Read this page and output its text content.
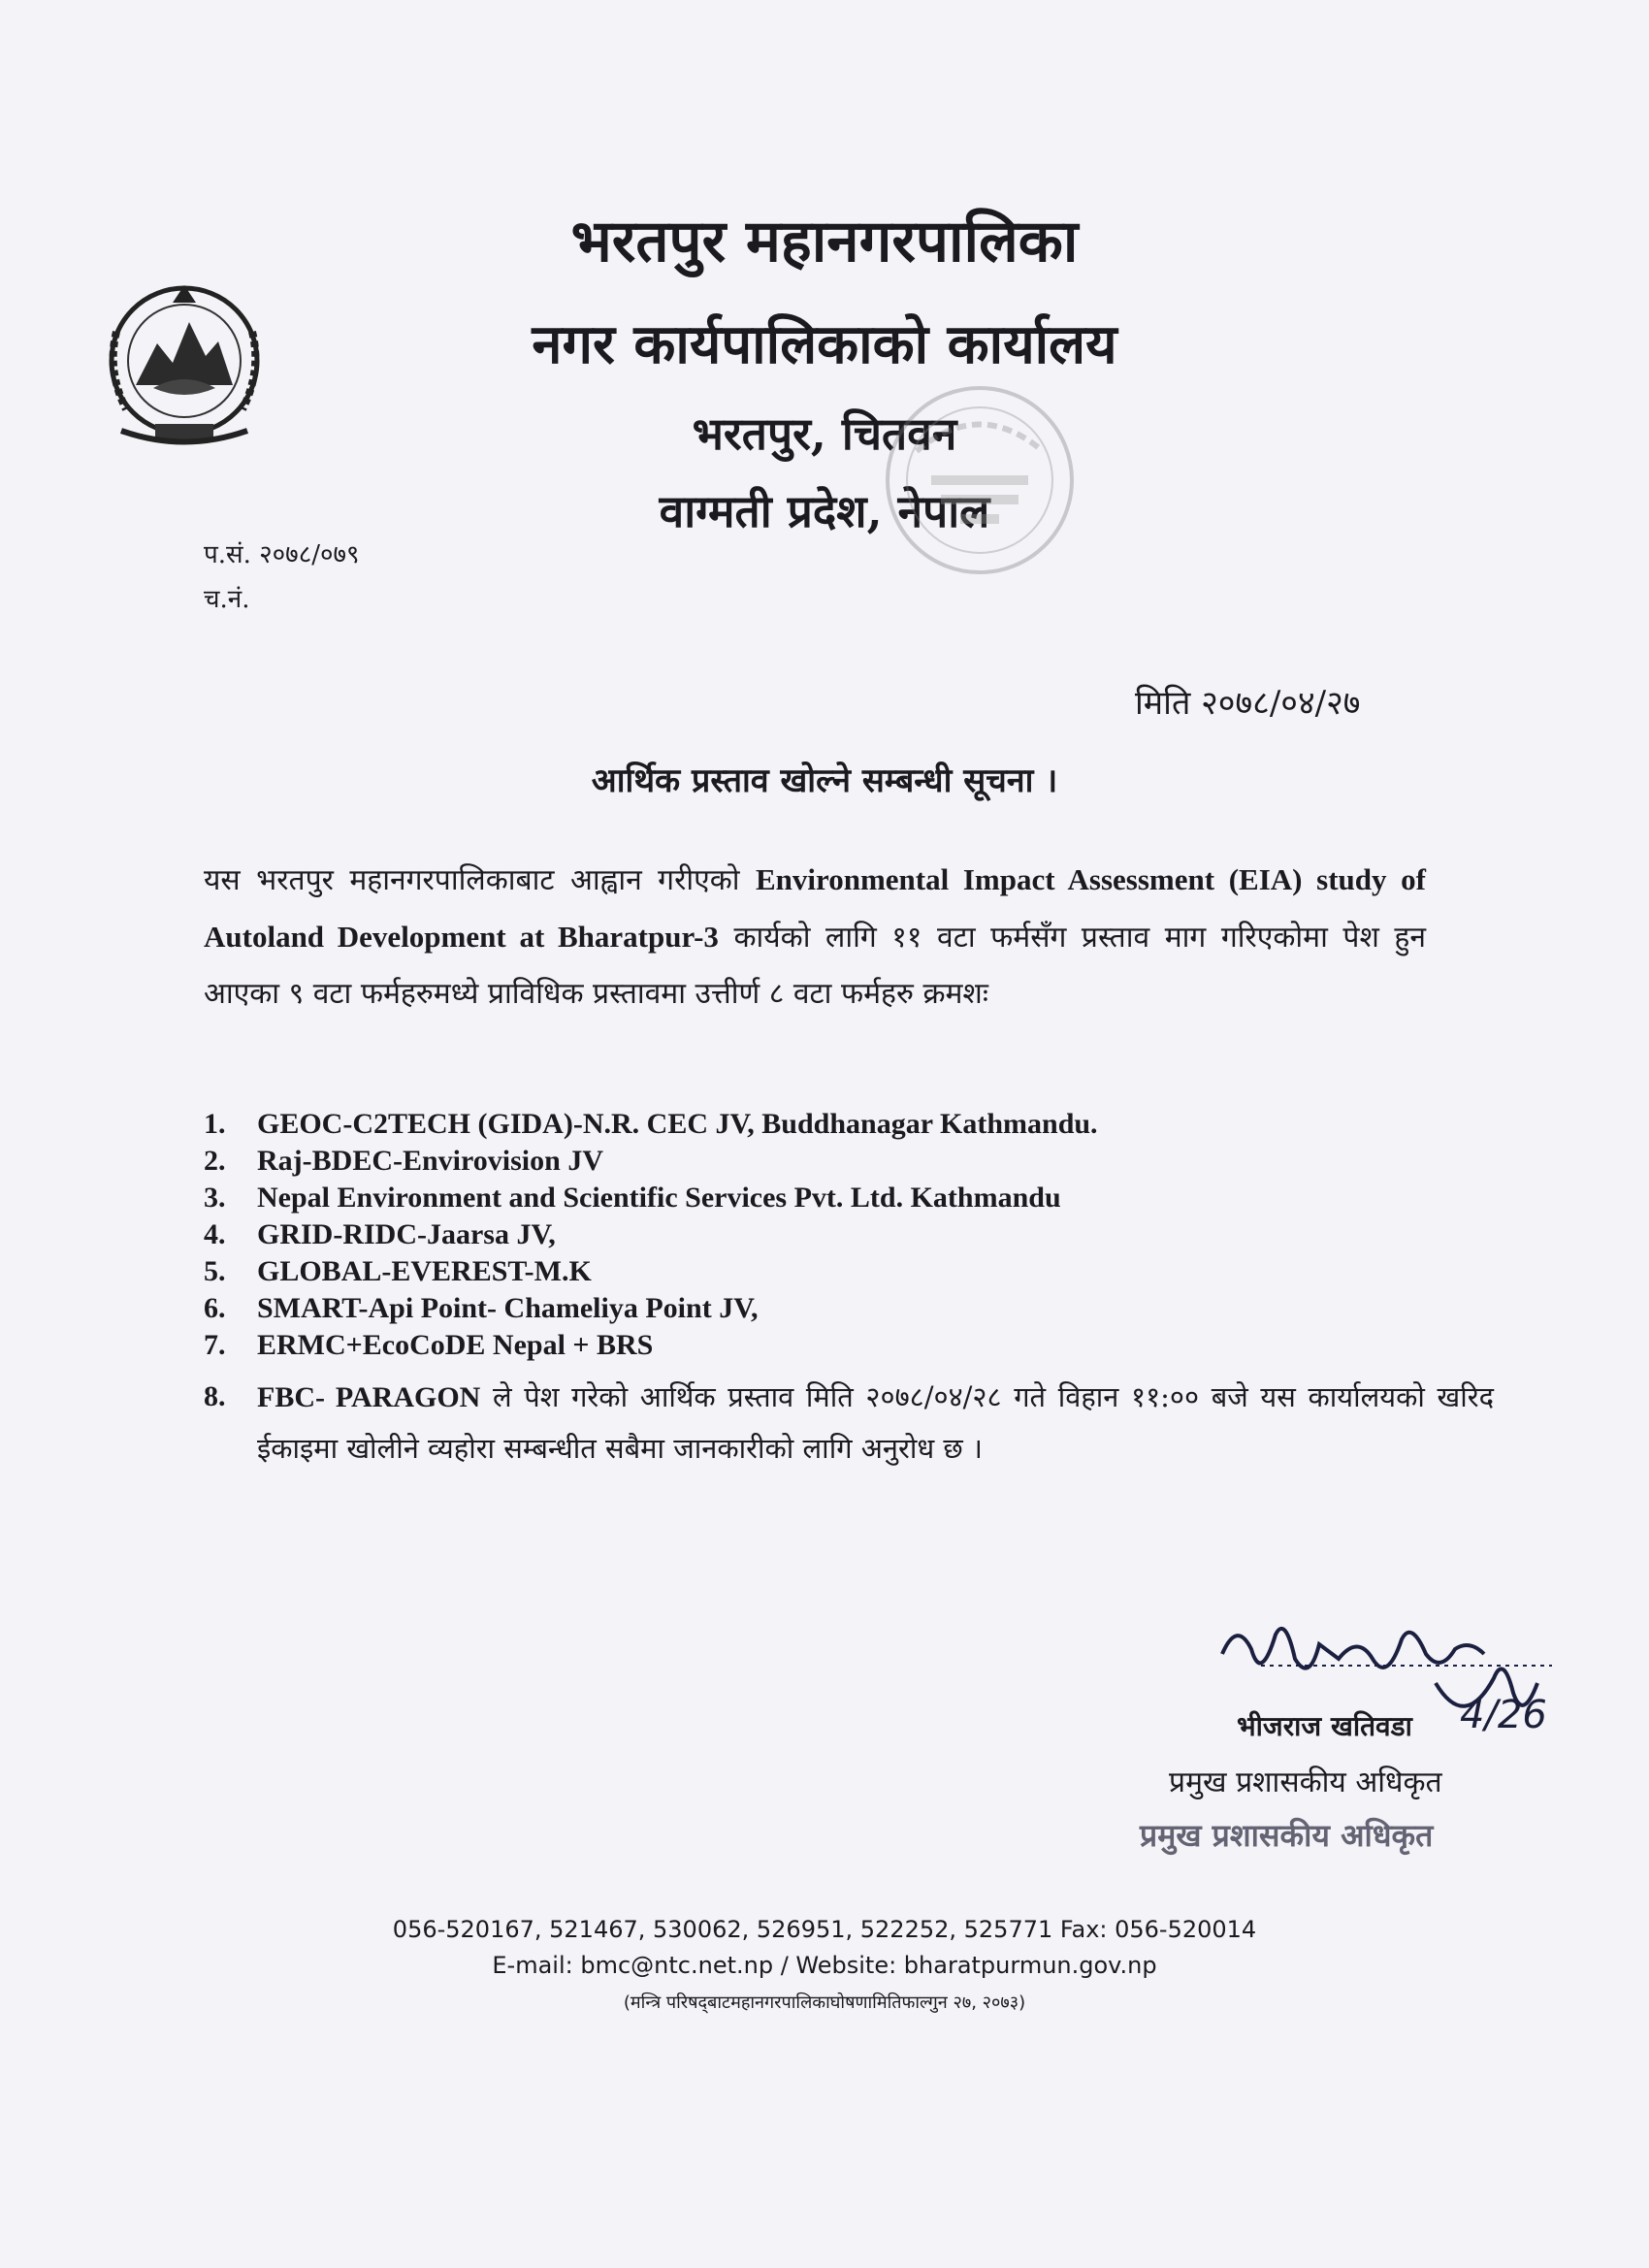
भरतपुर महानगरपालिका
नगर कार्यपालिकाको कार्यालय
भरतपुर, चितवन
वाग्मती प्रदेश, नेपाल
प.सं. २०७८/०७९
च.नं.
मिति २०७८/०४/२७
आर्थिक प्रस्ताव खोल्ने सम्बन्धी सूचना ।
यस भरतपुर महानगरपालिकाबाट आह्वान गरीएको Environmental Impact Assessment (EIA) study of Autoland Development at Bharatpur-3 कार्यको लागि ११ वटा फर्मसँग प्रस्ताव माग गरिएकोमा पेश हुन आएका ९ वटा फर्महरुमध्ये प्राविधिक प्रस्तावमा उत्तीर्ण ८ वटा फर्महरु क्रमशः
1. GEOC-C2TECH (GIDA)-N.R. CEC JV, Buddhanagar Kathmandu.
2. Raj-BDEC-Envirovision JV
3. Nepal Environment and Scientific Services Pvt. Ltd. Kathmandu
4. GRID-RIDC-Jaarsa JV,
5. GLOBAL-EVEREST-M.K
6. SMART-Api Point- Chameliya Point JV,
7. ERMC+EcoCoDE Nepal + BRS
8. FBC- PARAGON ले पेश गरेको आर्थिक प्रस्ताव मिति २०७८/०४/२८ गते विहान ११:०० बजे यस कार्यालयको खरिद ईकाइमा खोलीने व्यहोरा सम्बन्धीत सबैमा जानकारीको लागि अनुरोध छ ।
भीजराज खतिवडा 4/26
प्रमुख प्रशासकीय अधिकृत
प्रमुख प्रशासकीय अधिकृत
056-520167, 521467, 530062, 526951, 522252, 525771 Fax: 056-520014
E-mail: bmc@ntc.net.np / Website: bharatpurmun.gov.np
(मन्त्रि परिषद्‌बाटमहानगरपालिकाघोषणामितिफाल्गुन २७, २०७३)
